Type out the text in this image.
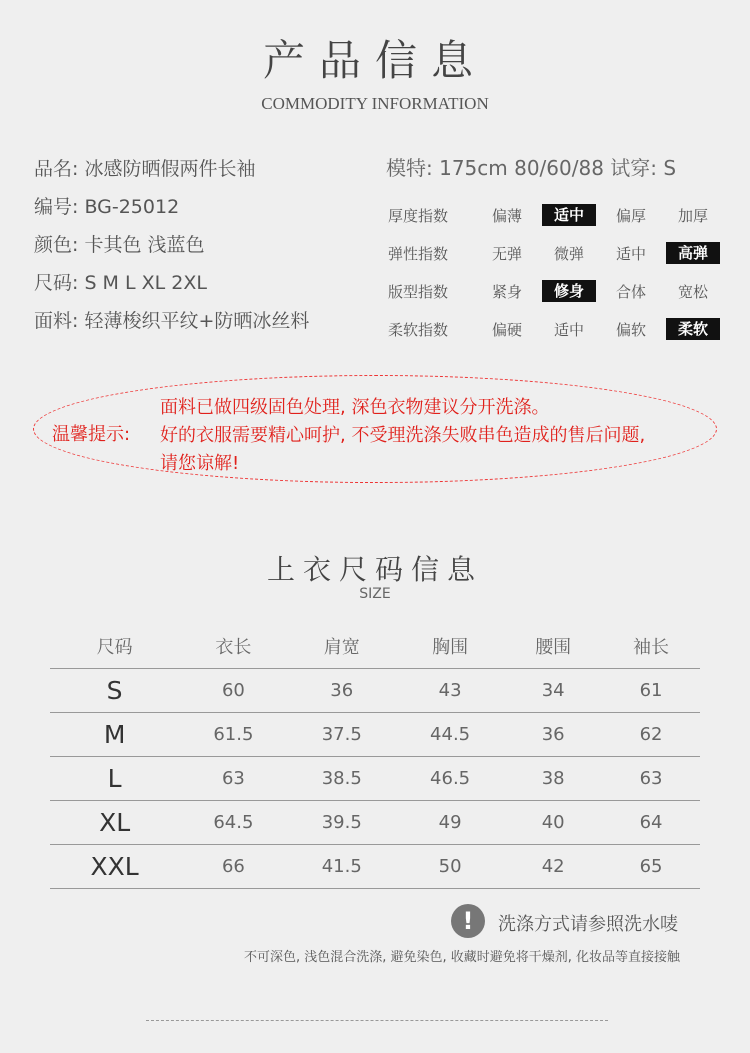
产品信息
COMMODITY INFORMATION
品名: 冰感防晒假两件长袖
编号: BG-25012
颜色: 卡其色 浅蓝色
尺码: S M L XL 2XL
面料: 轻薄梭织平纹+防晒冰丝料
模特: 175cm 80/60/88 试穿: S
厚度指数	偏薄	适中	偏厚	加厚
弹性指数	无弹	微弹	适中	高弹
版型指数	紧身	修身	合体	宽松
柔软指数	偏硬	适中	偏软	柔软
温馨提示:
面料已做四级固色处理, 深色衣物建议分开洗涤。
好的衣服需要精心呵护, 不受理洗涤失败串色造成的售后问题,
请您谅解!
上衣尺码信息
SIZE
尺码	衣长	肩宽	胸围	腰围	袖长
S	60	36	43	34	61
M	61.5	37.5	44.5	36	62
L	63	38.5	46.5	38	63
XL	64.5	39.5	49	40	64
XXL	66	41.5	50	42	65
!	洗涤方式请参照洗水唛
不可深色, 浅色混合洗涤, 避免染色, 收藏时避免将干燥剂, 化妆品等直接接触
